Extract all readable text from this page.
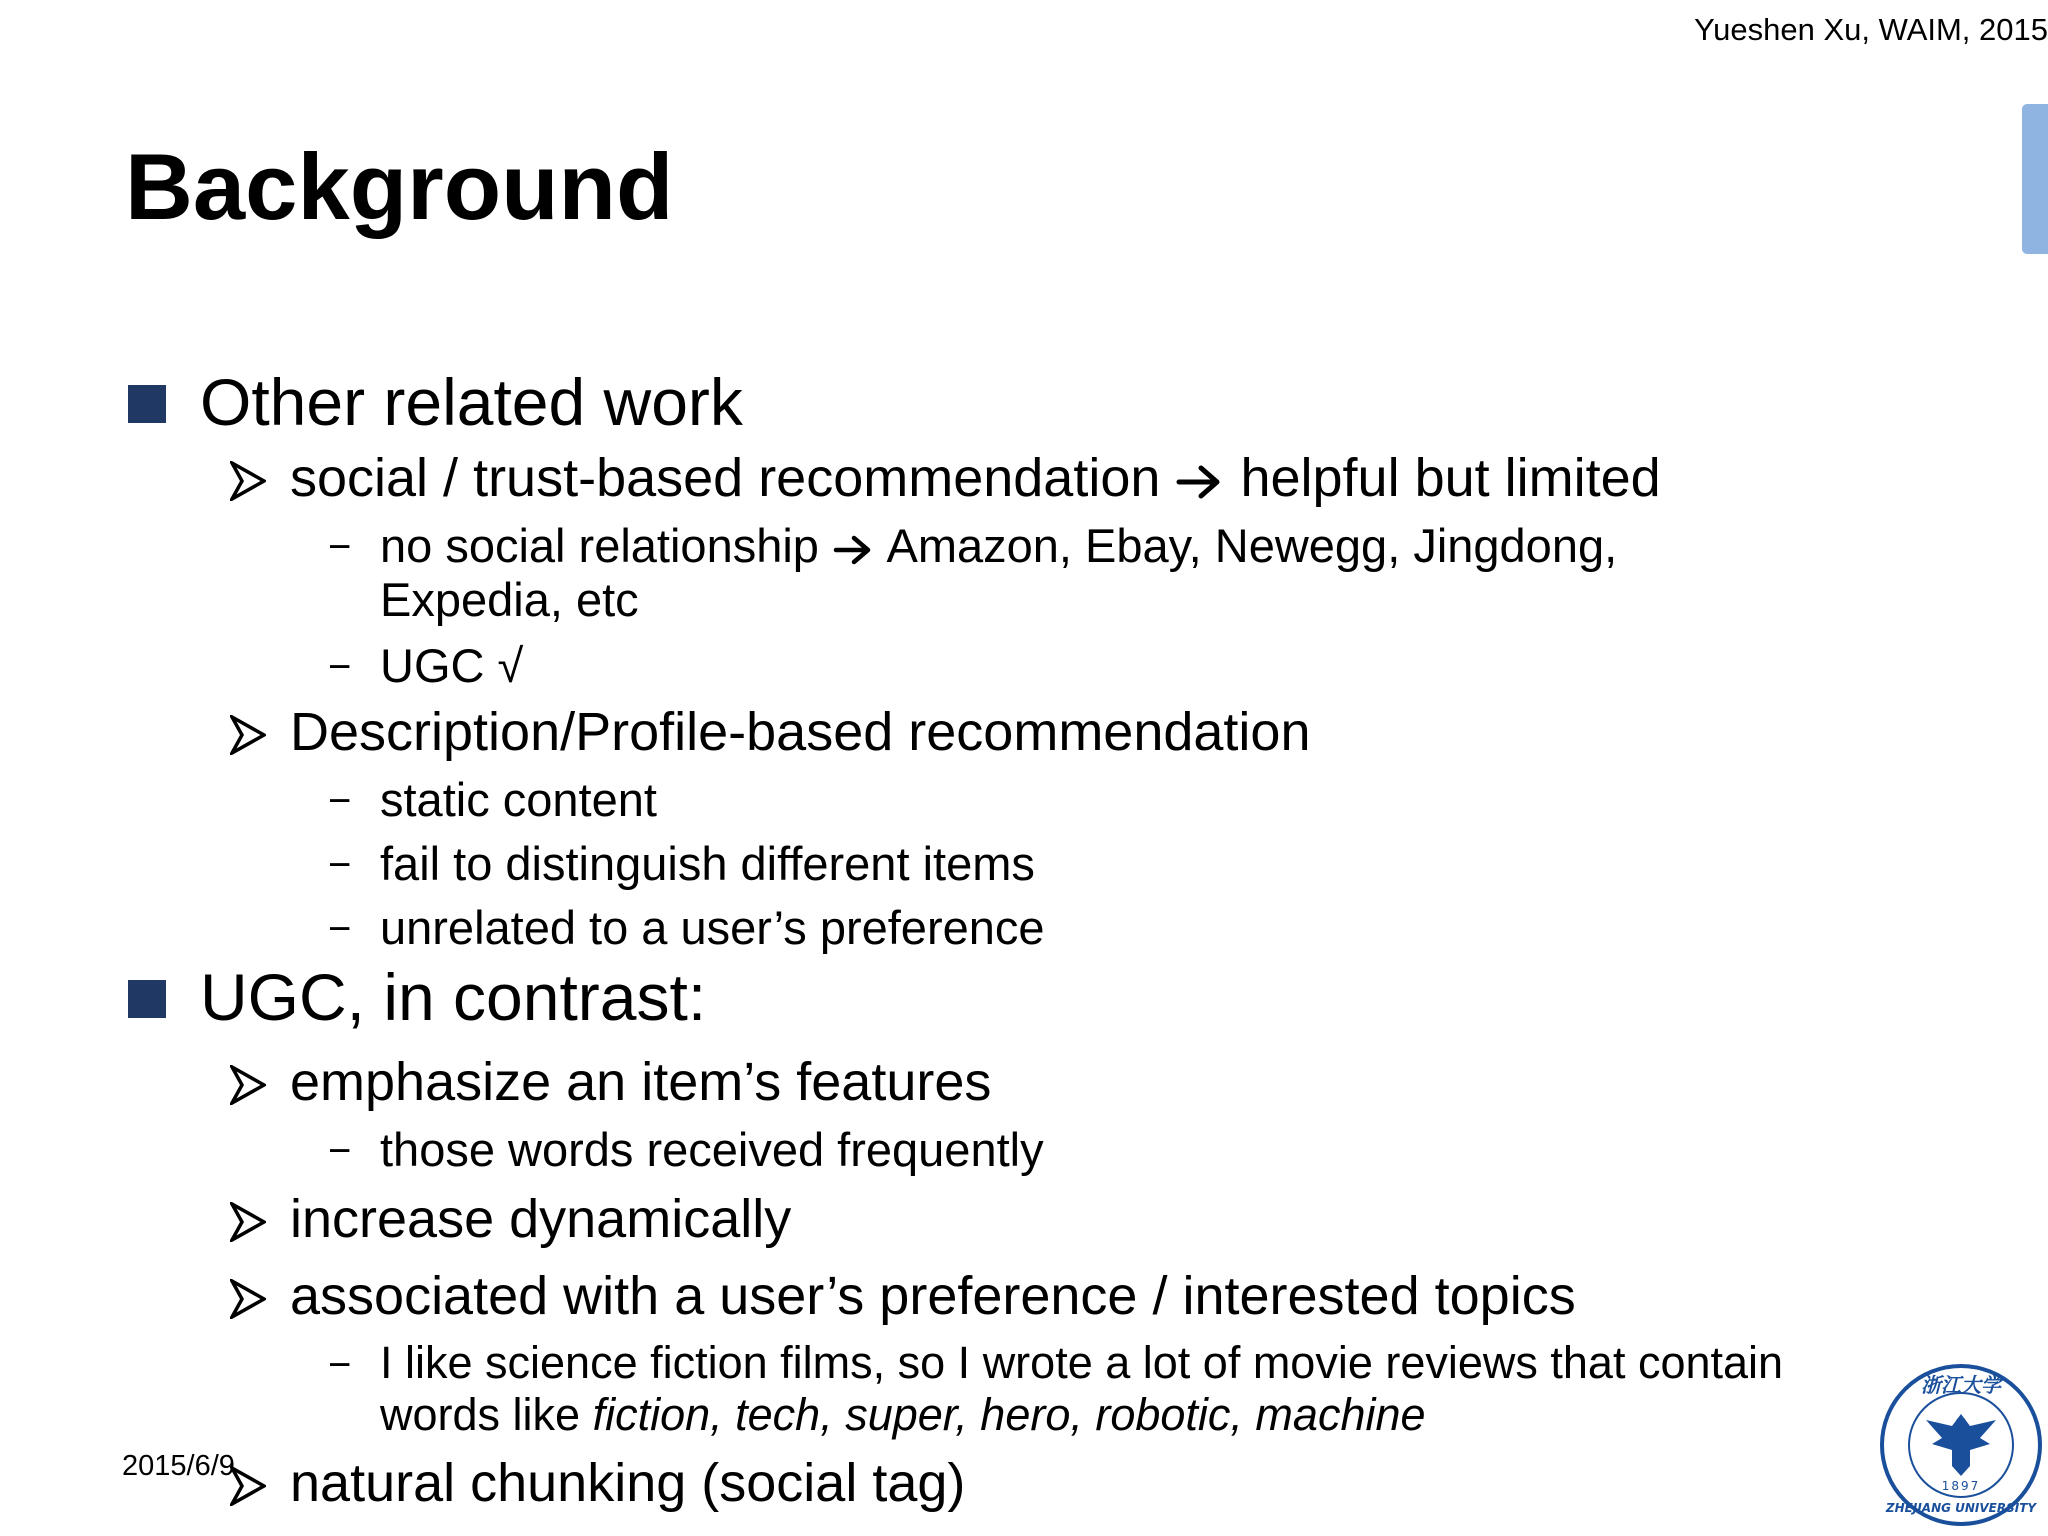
Yueshen Xu, WAIM, 2015
Background
Other related work
social / trust-based recommendation helpful but limited
− no social relationship Amazon, Ebay, Newegg, Jingdong,
Expedia, etc
− UGC √
Description/Profile-based recommendation
− static content
− fail to distinguish different items
− unrelated to a user’s preference
UGC, in contrast:
emphasize an item’s features
− those words received frequently
increase dynamically
associated with a user’s preference / interested topics
− I like science fiction films, so I wrote a lot of movie reviews that contain
words like fiction, tech, super, hero, robotic, machine
natural chunking (social tag)
2015/6/9
浙江大学
1897
ZHEJIANG UNIVERSITY
